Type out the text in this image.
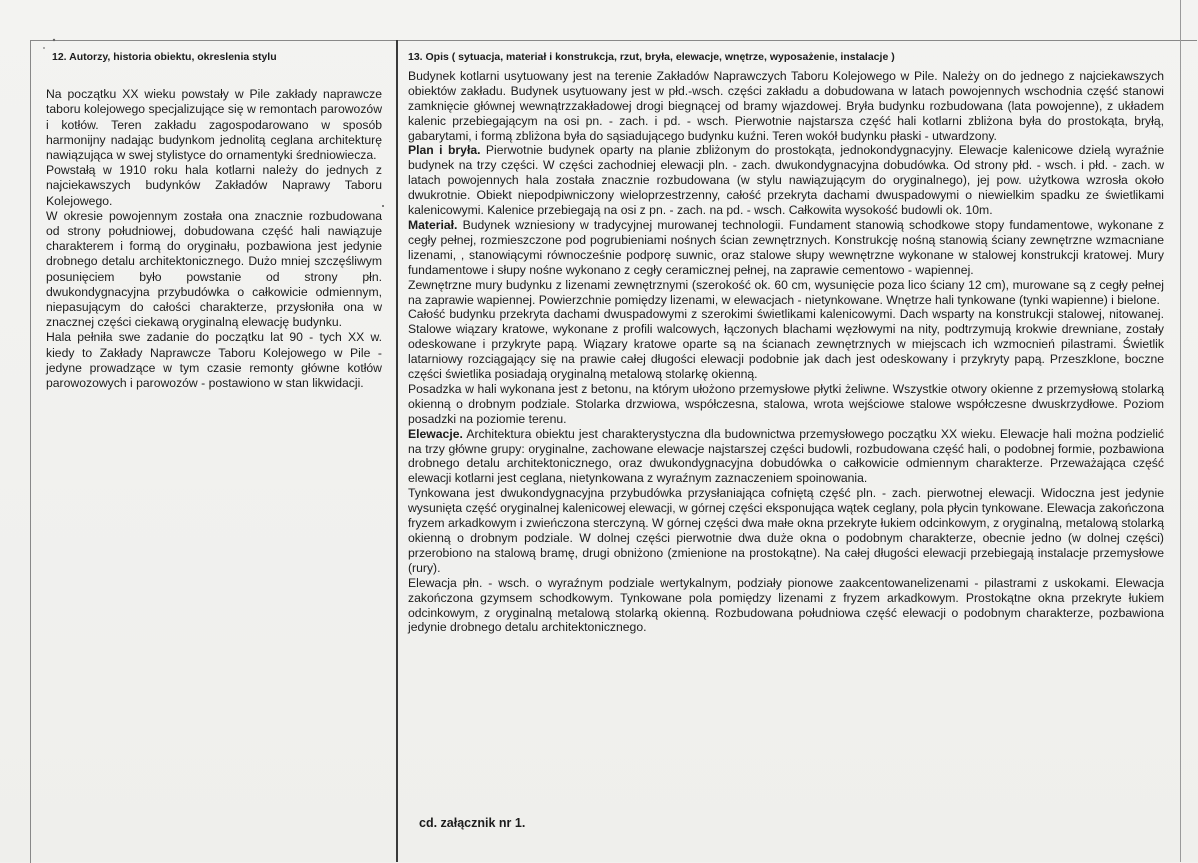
12. Autorzy, historia obiektu, okreslenia stylu

Na początku XX wieku powstały w Pile zakłady naprawcze taboru kolejowego specjalizujące się w remontach parowozów i kotłów. Teren zakładu zagospodarowano w sposób harmonijny nadając budynkom jednolitą ceglana architekturę nawiązująca w swej stylistyce do ornamentyki średniowiecza.

Powstałą w 1910 roku hala kotlarni należy do jednych z najciekawszych budynków Zakładów Naprawy Taboru Kolejowego.

W okresie powojennym została ona znacznie rozbudowana od strony południowej, dobudowana część hali nawiązuje charakterem i formą do oryginału, pozbawiona jest jedynie drobnego detalu architektonicznego. Dużo mniej szczęśliwym posunięciem było powstanie od strony płn. dwukondygnacyjna przybudówka o całkowicie odmiennym, niepasującym do całości charakterze, przysłoniła ona w znacznej części ciekawą oryginalną elewację budynku.

Hala pełniła swe zadanie do początku lat 90 - tych XX w. kiedy to Zakłady Naprawcze Taboru Kolejowego w Pile - jedyne prowadzące w tym czasie remonty główne kotłów parowozowych i parowozów - postawiono w stan likwidacji.

13. Opis ( sytuacja, materiał i konstrukcja, rzut, bryła, elewacje, wnętrze, wyposażenie, instalacje )

Budynek kotlarni usytuowany jest na terenie Zakładów Naprawczych Taboru Kolejowego w Pile. Należy on do jednego z najciekawszych obiektów zakładu. Budynek usytuowany jest w płd.-wsch. części zakładu a dobudowana w latach powojennych wschodnia część stanowi zamknięcie głównej wewnątrzzakładowej drogi biegnącej od bramy wjazdowej. Bryła budynku rozbudowana (lata powojenne), z układem kalenic przebiegającym na osi pn. - zach. i pd. - wsch. Pierwotnie najstarsza część hali kotlarni zbliżona była do prostokąta, bryłą, gabarytami, i formą zbliżona była do sąsiadującego budynku kuźni. Teren wokół budynku płaski - utwardzony.

Plan i bryła. Pierwotnie budynek oparty na planie zbliżonym do prostokąta, jednokondygnacyjny. Elewacje kalenicowe dzielą wyraźnie budynek na trzy części. W części zachodniej elewacji pln. - zach. dwukondygnacyjna dobudówka. Od strony płd. - wsch. i płd. - zach. w latach powojennych hala została znacznie rozbudowana (w stylu nawiązującym do oryginalnego), jej pow. użytkowa wzrosła około dwukrotnie. Obiekt niepodpiwniczony wieloprzestrzenny, całość przekryta dachami dwuspadowymi o niewielkim spadku ze świetlikami kalenicowymi. Kalenice przebiegają na osi z pn. - zach. na pd. - wsch. Całkowita wysokość budowli ok. 10m.

Materiał. Budynek wzniesiony w tradycyjnej murowanej technologii. Fundament stanowią schodkowe stopy fundamentowe, wykonane z cegły pełnej, rozmieszczone pod pogrubieniami nośnych ścian zewnętrznych. Konstrukcję nośną stanowią ściany zewnętrzne wzmacniane lizenami, , stanowiącymi równocześnie podporę suwnic, oraz stalowe słupy wewnętrzne wykonane w stalowej konstrukcji kratowej. Mury fundamentowe i słupy nośne wykonano z cegły ceramicznej pełnej, na zaprawie cementowo - wapiennej.

Zewnętrzne mury budynku z lizenami zewnętrznymi (szerokość ok. 60 cm, wysunięcie poza lico ściany 12 cm), murowane są z cegły pełnej na zaprawie wapiennej. Powierzchnie pomiędzy lizenami, w elewacjach - nietynkowane. Wnętrze hali tynkowane (tynki wapienne) i bielone.

Całość budynku przekryta dachami dwuspadowymi z szerokimi świetlikami kalenicowymi. Dach wsparty na konstrukcji stalowej, nitowanej. Stalowe wiązary kratowe, wykonane z profili walcowych, łączonych blachami węzłowymi na nity, podtrzymują krokwie drewniane, zostały odeskowane i przykryte papą. Wiązary kratowe oparte są na ścianach zewnętrznych w miejscach ich wzmocnień pilastrami. Świetlik latarniowy rozciągający się na prawie całej długości elewacji podobnie jak dach jest odeskowany i przykryty papą. Przeszklone, boczne części świetlika posiadają oryginalną metalową stolarkę okienną.

Posadzka w hali wykonana jest z betonu, na którym ułożono przemysłowe płytki żeliwne. Wszystkie otwory okienne z przemysłową stolarką okienną o drobnym podziale. Stolarka drzwiowa, współczesna, stalowa, wrota wejściowe stalowe współczesne dwuskrzydłowe. Poziom posadzki na poziomie terenu.

Elewacje. Architektura obiektu jest charakterystyczna dla budownictwa przemysłowego początku XX wieku. Elewacje hali można podzielić na trzy główne grupy: oryginalne, zachowane elewacje najstarszej części budowli, rozbudowana część hali, o podobnej formie, pozbawiona drobnego detalu architektonicznego, oraz dwukondygnacyjna dobudówka o całkowicie odmiennym charakterze. Przeważająca część elewacji kotlarni jest ceglana, nietynkowana z wyraźnym zaznaczeniem spoinowania.

Tynkowana jest dwukondygnacyjna przybudówka przysłaniająca cofniętą część pln. - zach. pierwotnej elewacji. Widoczna jest jedynie wysunięta część oryginalnej kalenicowej elewacji, w górnej części eksponująca wątek ceglany, pola płycin tynkowane. Elewacja zakończona fryzem arkadkowym i zwieńczona sterczyną. W górnej części dwa małe okna przekryte łukiem odcinkowym, z oryginalną, metalową stolarką okienną o drobnym podziale. W dolnej części pierwotnie dwa duże okna o podobnym charakterze, obecnie jedno (w dolnej części) przerobiono na stalową bramę, drugi obniżono (zmienione na prostokątne). Na całej długości elewacji przebiegają instalacje przemysłowe (rury).

Elewacja płn. - wsch. o wyraźnym podziale wertykalnym, podziały pionowe zaakcentowanelizenami - pilastrami z uskokami. Elewacja zakończona gzymsem schodkowym. Tynkowane pola pomiędzy lizenami z fryzem arkadkowym. Prostokątne okna przekryte łukiem odcinkowym, z oryginalną metalową stolarką okienną. Rozbudowana południowa część elewacji o podobnym charakterze, pozbawiona jedynie drobnego detalu architektonicznego.

cd. załącznik nr 1.
